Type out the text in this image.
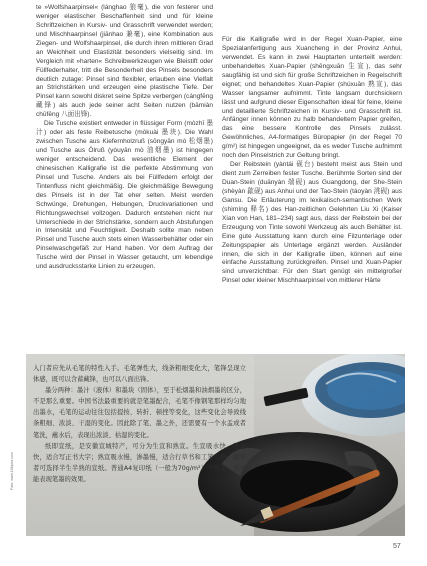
te »Wolfshaarpinsel« (lánghao 狼毫), die von festerer und weniger elastischer Beschaffenheit sind und für kleine Schriftzeichen in Kursiv- und Grasschrift verwendet werden; und Mischhaarpinsel (jiānhao 兼毫), eine Kombination aus Ziegen- und Wolfshaarpinsel, die durch ihren mittleren Grad an Weichheit und Elastizität besonders vielseitig sind. Im Vergleich mit »harten« Schreibwerkzeugen wie Bleistift oder Füllfederhalter, tritt die Besonderheit des Pinsels besonders deutlich zutage: Pinsel sind flexibler, erlauben eine Vielfalt an Strichstärken und erzeugen eine plastische Tiefe. Der Pinsel kann sowohl diskret seine Spitze verbergen (cángfēng 藏锋) als auch jede seiner acht Seiten nutzen (bāmiàn chūfēng 八面出锋).

Die Tusche existiert entweder in flüssiger Form (mòzhī 墨汁) oder als feste Reibetusche (mòkuài 墨块). Die Wahl zwischen Tusche aus Kiefernholzruß (sōngyān mò 松烟墨) und Tusche aus Ölruß (yóuyān mò 油烟墨) ist hingegen weniger entscheidend. Das wesentliche Element der chinesischen Kalligrafie ist die perfekte Abstimmung von Pinsel und Tusche. Anders als bei Füllfedern erfolgt der Tintenfluss nicht gleichmäßig. Die gleichmäßige Bewegung des Pinsels ist in der Tat eher selten. Meist werden Schwünge, Drehungen, Hebungen, Druckvariationen und Richtungswechsel vollzogen. Dadurch entstehen nicht nur Unterschiede in der Strichstärke, sondern auch Abstufungen in Intensität und Feuchtigkeit. Deshalb sollte man neben Pinsel und Tusche auch stets einen Wasserbehälter oder ein Pinselwaschgefäß zur Hand haben. Vor dem Auftrag der Tusche wird der Pinsel in Wasser getaucht, um lebendige und ausdrucksstarke Linien zu erzeugen.

Für die Kalligrafie wird in der Regel Xuan-Papier, eine Spezialanfertigung aus Xuancheng in der Provinz Anhui, verwendet. Es kann in zwei Hauptarten unterteilt werden: unbehandeltes Xuan-Papier (shēngxuān 生宣), das sehr saugfähig ist und sich für große Schriftzeichen in Regelschrift eignet; und behandeltes Xuan-Papier (shúxuān 熟宣), das Wasser langsamer aufnimmt. Tinte langsam durchsickern lässt und aufgrund dieser Eigenschaften ideal für feine, kleine und detaillierte Schriftzeichen in Kursiv- und Grasschrift ist. Anfänger innen können zu halb behandeltem Papier greifen, das eine bessere Kontrolle des Pinsels zulässt. Gewöhnliches, A4-formatiges Büropapier (in der Regel 70 g/m²) ist hingegen ungeeignet, da es weder Tusche aufnimmt noch den Pinselstrich zur Geltung bringt.

Der Reibstein (yàntái 砚台) besteht meist aus Stein und dient zum Zerreiben fester Tusche. Berühmte Sorten sind der Duan-Stein (duānyàn 端砚) aus Guangdong, der She-Stein (shèyàn 歙砚) aus Anhui und der Tao-Stein (táoyàn 洮砚) aus Gansu. Die Erläuterung im lexikalisch-semantischen Werk (shìmíng 释名) des Han-zeitlichen Gelehrten Liu Xi (Kaiser Xian von Han, 181–234) sagt aus, dass der Reibstein bei der Erzeugung von Tinte sowohl Werkzeug als auch Behälter ist. Eine gute Ausstattung kann durch eine Filzunterlage oder Zeitungspapier als Unterlage ergänzt werden. Ausländer innen, die sich in der Kalligrafie üben, können auf eine einfache Ausstattung zurückgreifen. Pinsel und Xuan-Papier sind unverzichtbar. Für den Start genügt ein mittelgroßer Pinsel oder kleiner Mischhaarpinsel von mittlerer Härte

入门者应先从毛笔的特性入手。毛笔弹性大，线条粗细变化大，笔锋呈现立体感，既可以含蓄藏锋，也可以八面出锋。

墨分两种：墨汁（液体）和墨块（固体），至于松烟墨和油烟墨的区分，不是那么重要。中国书法最重要的就是笔墨配合，毛笔不像钢笔那样均匀地出墨水，毛笔的运动往往包括提按、转折、顿挫等变化，这些变化会导致线条粗细、浓淡、干湿的变化。因此除了笔、墨之外，还需要有一个水盂或者笔洗，蘸水后，表现出浓淡、枯湿的变化。

纸即宣纸，是安徽宣城特产，可分为生宣和熟宣。生宣吸水快，渗墨快，适合写正书大字；熟宣吸水慢，渗墨慢，适合行草书和工笔小楷。初学者可选择半生半熟的宣纸。普通A4复印纸（一般为70g/m²）不吸墨，也不能表现笔墨的效果。

Foto: www.168pics.com
57
